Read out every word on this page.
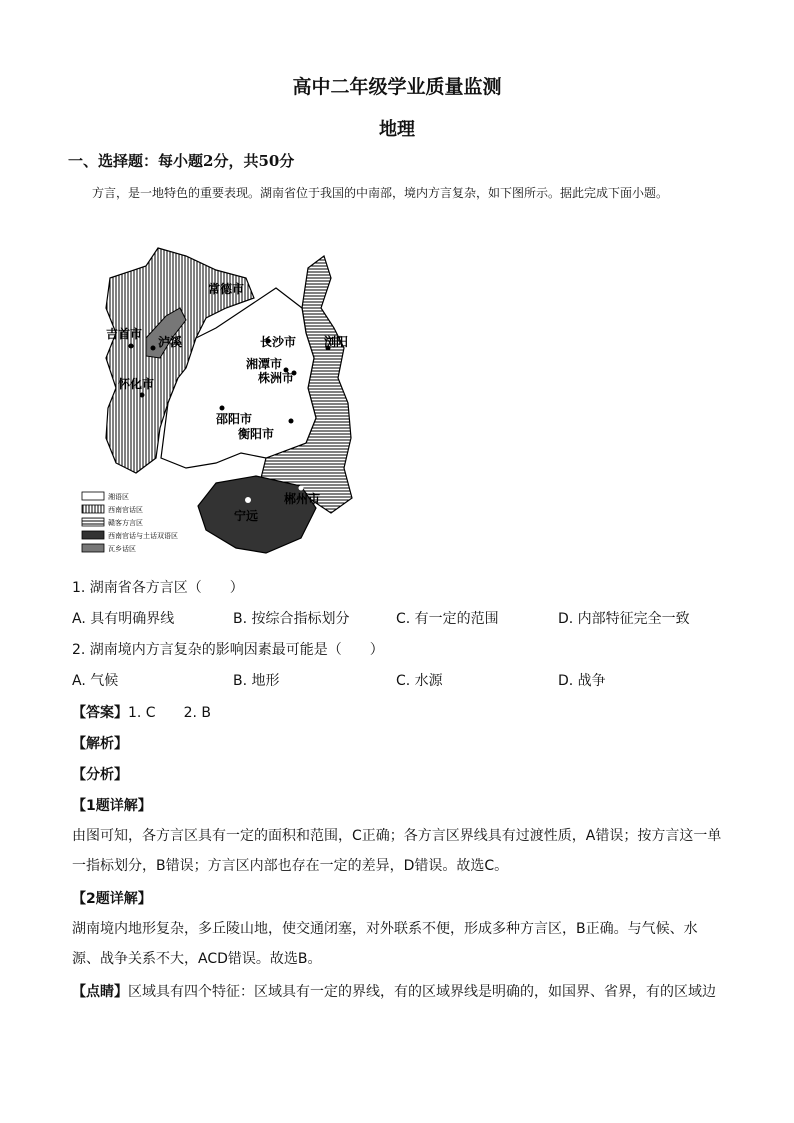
高中二年级学业质量监测
地理
一、选择题：每小题2分，共50分
方言，是一地特色的重要表现。湖南省位于我国的中南部，境内方言复杂，如下图所示。据此完成下面小题。
常德市
吉首市
泸溪	长沙市 浏阳
湘潭市
株洲市
怀化市
邵阳市
衡阳市
宁远
郴州市
湘语区
西南官话区
赣客方言区
西南官话与土话双语区
瓦乡话区
1. 湖南省各方言区（　　）
A. 具有明确界线	B. 按综合指标划分	C. 有一定的范围	D. 内部特征完全一致
2. 湖南境内方言复杂的影响因素最可能是（　　）
A. 气候	B. 地形	C. 水源	D. 战争
【答案】1. C　　2. B
【解析】
【分析】
【1题详解】
由图可知，各方言区具有一定的面积和范围，C正确；各方言区界线具有过渡性质，A错误；按方言这一单一指标划分，B错误；方言区内部也存在一定的差异，D错误。故选C。
【2题详解】
湖南境内地形复杂，多丘陵山地，使交通闭塞，对外联系不便，形成多种方言区，B正确。与气候、水源、战争关系不大，ACD错误。故选B。
【点睛】区域具有四个特征：区域具有一定的界线，有的区域界线是明确的，如国界、省界，有的区域边
